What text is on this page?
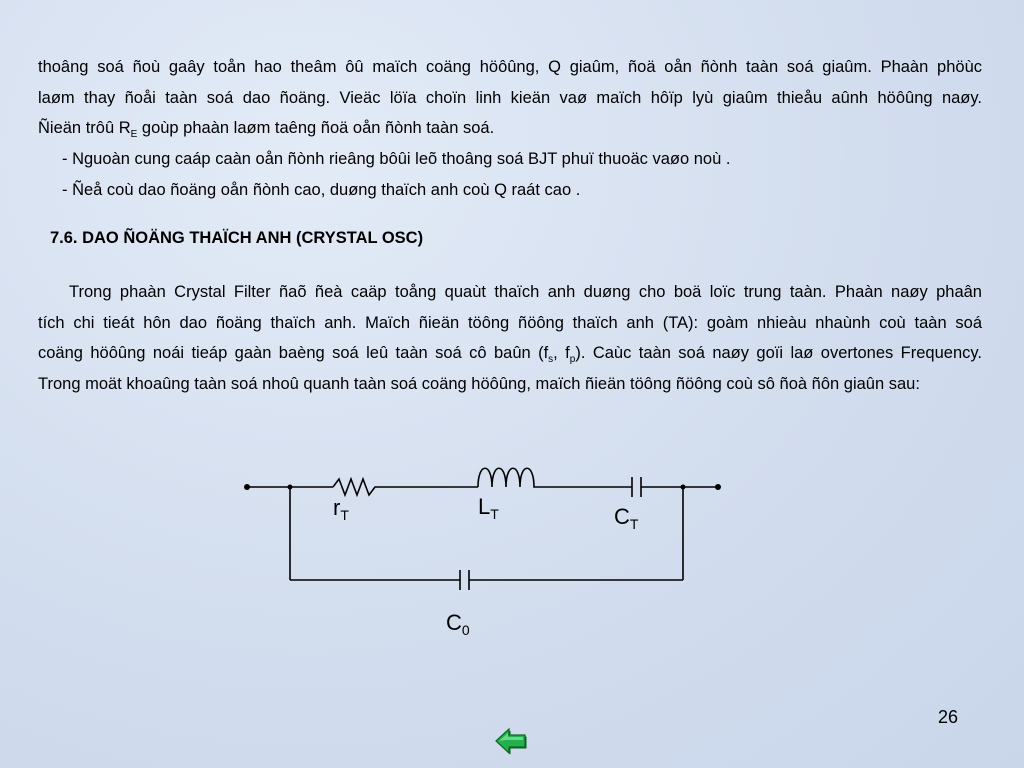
thoâng soá ñoù gaây toån hao theâm ôû maïch coäng höôûng, Q giaûm, ñoä oån ñònh taàn soá giaûm. Phaàn phöùc
laøm thay ñoåi taàn soá dao ñoäng. Vieäc löïa choïn linh kieän vaø maïch hôïp lyù giaûm thieåu aûnh höôûng naøy.
Ñieän trôû $R_E$ goùp phaàn laøm taêng ñoä oån ñònh taàn soá.
- Nguoàn cung caáp caàn oån ñònh rieâng bôûi leõ thoâng soá BJT phuï thuoäc vaøo noù .
- Ñeå coù dao ñoäng oån ñònh cao, duøng thaïch anh coù Q raát cao .
7.6. DAO ÑOÄNG THAÏCH ANH (CRYSTAL OSC)
Trong phaàn Crystal Filter ñaõ ñeà caäp toång quaùt thaïch anh duøng cho boä loïc trung taàn. Phaàn naøy phaân
tích chi tieát hôn dao ñoäng thaïch anh. Maïch ñieän töông ñöông thaïch anh (TA): goàm nhieàu nhaùnh coù taàn soá
coäng höôûng noái tieáp gaàn baèng soá leû taàn soá cô baûn ($f_s$, $f_p$). Caùc taàn soá naøy goïi laø overtones Frequency.
Trong moät khoaûng taàn soá nhoû quanh taàn soá coäng höôûng, maïch ñieän töông ñöông coù sô ñoà ñôn giaûn sau:
$r_T$	$L_T$	$C_T$
$C_0$
26
